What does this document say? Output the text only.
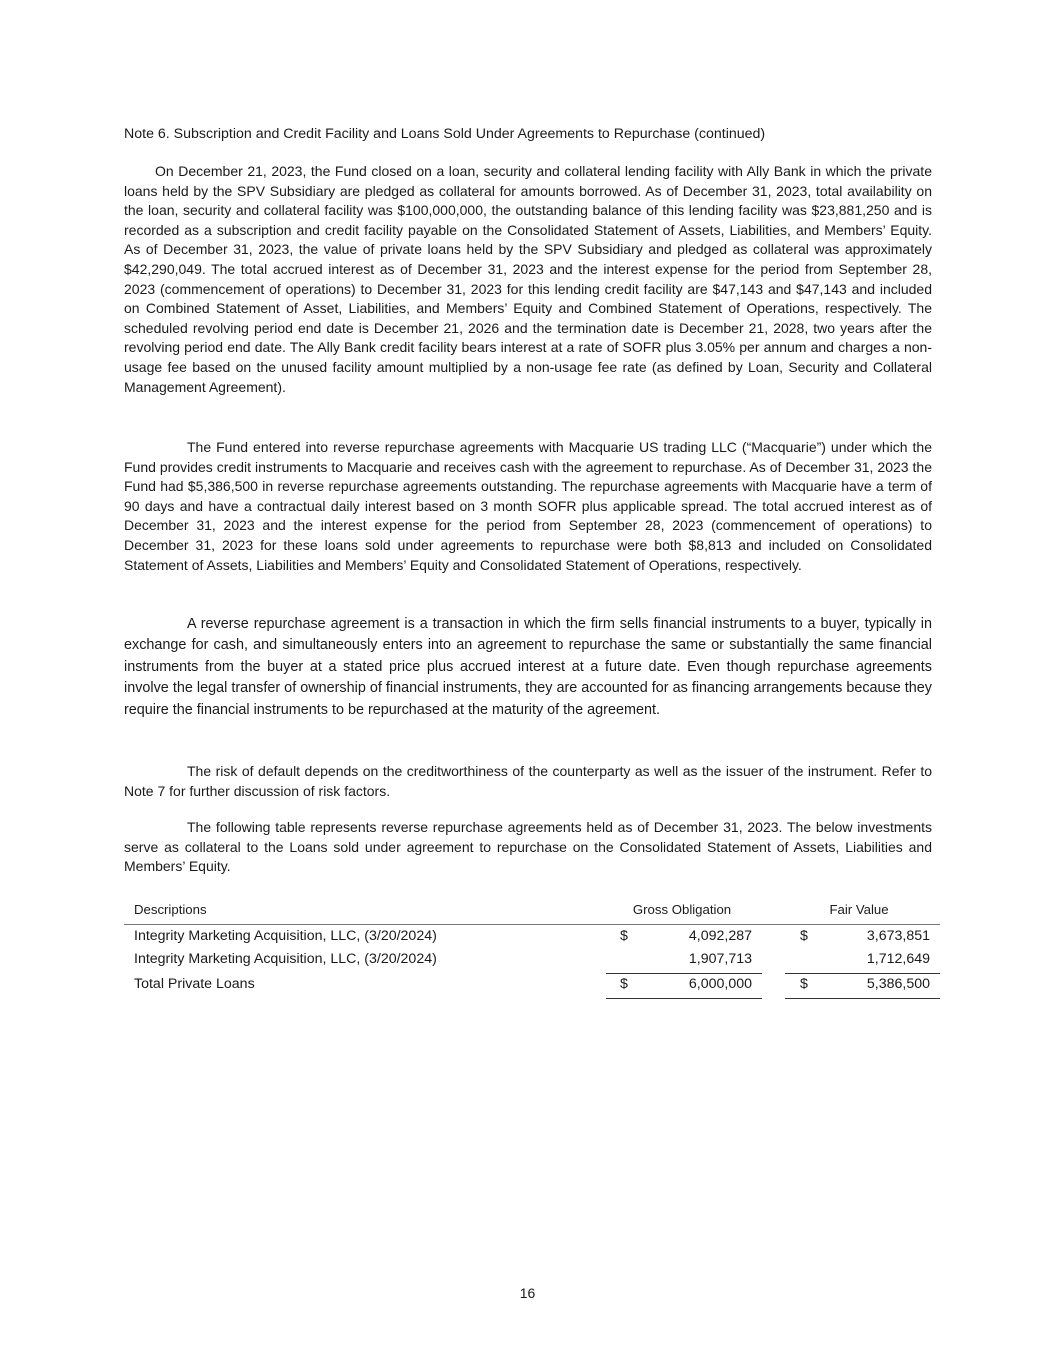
Note 6. Subscription and Credit Facility and Loans Sold Under Agreements to Repurchase (continued)

On December 21, 2023, the Fund closed on a loan, security and collateral lending facility with Ally Bank in which the private loans held by the SPV Subsidiary are pledged as collateral for amounts borrowed. As of December 31, 2023, total availability on the loan, security and collateral facility was $100,000,000, the outstanding balance of this lending facility was $23,881,250 and is recorded as a subscription and credit facility payable on the Consolidated Statement of Assets, Liabilities, and Members’ Equity. As of December 31, 2023, the value of private loans held by the SPV Subsidiary and pledged as collateral was approximately $42,290,049. The total accrued interest as of December 31, 2023 and the interest expense for the period from September 28, 2023 (commencement of operations) to December 31, 2023 for this lending credit facility are $47,143 and $47,143 and included on Combined Statement of Asset, Liabilities, and Members’ Equity and Combined Statement of Operations, respectively. The scheduled revolving period end date is December 21, 2026 and the termination date is December 21, 2028, two years after the revolving period end date. The Ally Bank credit facility bears interest at a rate of SOFR plus 3.05% per annum and charges a non-usage fee based on the unused facility amount multiplied by a non-usage fee rate (as defined by Loan, Security and Collateral Management Agreement).

The Fund entered into reverse repurchase agreements with Macquarie US trading LLC (“Macquarie”) under which the Fund provides credit instruments to Macquarie and receives cash with the agreement to repurchase. As of December 31, 2023 the Fund had $5,386,500 in reverse repurchase agreements outstanding. The repurchase agreements with Macquarie have a term of 90 days and have a contractual daily interest based on 3 month SOFR plus applicable spread. The total accrued interest as of December 31, 2023 and the interest expense for the period from September 28, 2023 (commencement of operations) to December 31, 2023 for these loans sold under agreements to repurchase were both $8,813 and included on Consolidated Statement of Assets, Liabilities and Members’ Equity and Consolidated Statement of Operations, respectively.

A reverse repurchase agreement is a transaction in which the firm sells financial instruments to a buyer, typically in exchange for cash, and simultaneously enters into an agreement to repurchase the same or substantially the same financial instruments from the buyer at a stated price plus accrued interest at a future date. Even though repurchase agreements involve the legal transfer of ownership of financial instruments, they are accounted for as financing arrangements because they require the financial instruments to be repurchased at the maturity of the agreement.

The risk of default depends on the creditworthiness of the counterparty as well as the issuer of the instrument. Refer to Note 7 for further discussion of risk factors.

The following table represents reverse repurchase agreements held as of December 31, 2023. The below investments serve as collateral to the Loans sold under agreement to repurchase on the Consolidated Statement of Assets, Liabilities and Members’ Equity.

Descriptions	Gross Obligation	Fair Value
Integrity Marketing Acquisition, LLC, (3/20/2024)	$	4,092,287	$	3,673,851
Integrity Marketing Acquisition, LLC, (3/20/2024)	1,907,713	1,712,649
Total Private Loans	$	6,000,000	$	5,386,500
16
